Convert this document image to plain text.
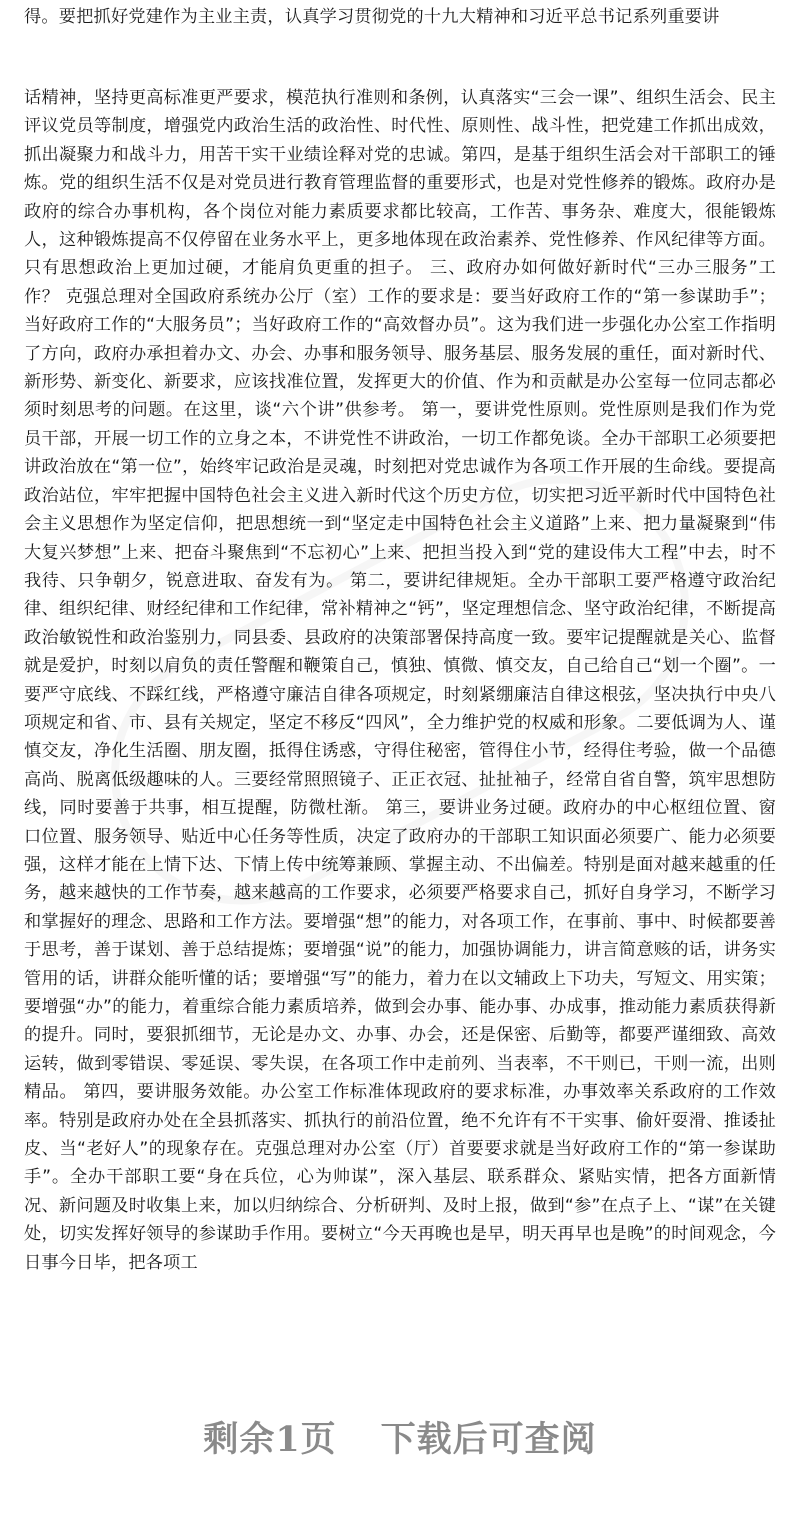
得。要把抓好党建作为主业主责，认真学习贯彻党的十九大精神和习近平总书记系列重要讲

话精神，坚持更高标准更严要求，模范执行准则和条例，认真落实“三会一课”、组织生活会、民主评议党员等制度，增强党内政治生活的政治性、时代性、原则性、战斗性，把党建工作抓出成效，抓出凝聚力和战斗力，用苦干实干业绩诠释对党的忠诚。第四，是基于组织生活会对干部职工的锤炼。党的组织生活不仅是对党员进行教育管理监督的重要形式，也是对党性修养的锻炼。政府办是政府的综合办事机构，各个岗位对能力素质要求都比较高，工作苦、事务杂、难度大，很能锻炼人，这种锻炼提高不仅停留在业务水平上，更多地体现在政治素养、党性修养、作风纪律等方面。只有思想政治上更加过硬，才能肩负更重的担子。 三、政府办如何做好新时代“三办三服务”工作？ 克强总理对全国政府系统办公厅（室）工作的要求是：要当好政府工作的“第一参谋助手”；当好政府工作的“大服务员”；当好政府工作的“高效督办员”。这为我们进一步强化办公室工作指明了方向，政府办承担着办文、办会、办事和服务领导、服务基层、服务发展的重任，面对新时代、新形势、新变化、新要求，应该找准位置，发挥更大的价值、作为和贡献是办公室每一位同志都必须时刻思考的问题。在这里，谈“六个讲”供参考。 第一，要讲党性原则。党性原则是我们作为党员干部，开展一切工作的立身之本，不讲党性不讲政治，一切工作都免谈。全办干部职工必须要把讲政治放在“第一位”，始终牢记政治是灵魂，时刻把对党忠诚作为各项工作开展的生命线。要提高政治站位，牢牢把握中国特色社会主义进入新时代这个历史方位，切实把习近平新时代中国特色社会主义思想作为坚定信仰，把思想统一到“坚定走中国特色社会主义道路”上来、把力量凝聚到“伟大复兴梦想”上来、把奋斗聚焦到“不忘初心”上来、把担当投入到“党的建设伟大工程”中去，时不我待、只争朝夕，锐意进取、奋发有为。 第二，要讲纪律规矩。全办干部职工要严格遵守政治纪律、组织纪律、财经纪律和工作纪律，常补精神之“钙”，坚定理想信念、坚守政治纪律，不断提高政治敏锐性和政治鉴别力，同县委、县政府的决策部署保持高度一致。要牢记提醒就是关心、监督就是爱护，时刻以肩负的责任警醒和鞭策自己，慎独、慎微、慎交友，自己给自己“划一个圈”。一要严守底线、不踩红线，严格遵守廉洁自律各项规定，时刻紧绷廉洁自律这根弦，坚决执行中央八项规定和省、市、县有关规定，坚定不移反“四风”，全力维护党的权威和形象。二要低调为人、谨慎交友，净化生活圈、朋友圈，抵得住诱惑，守得住秘密，管得住小节，经得住考验，做一个品德高尚、脱离低级趣味的人。三要经常照照镜子、正正衣冠、扯扯袖子，经常自省自警，筑牢思想防线，同时要善于共事，相互提醒，防微杜渐。 第三，要讲业务过硬。政府办的中心枢纽位置、窗口位置、服务领导、贴近中心任务等性质，决定了政府办的干部职工知识面必须要广、能力必须要强，这样才能在上情下达、下情上传中统筹兼顾、掌握主动、不出偏差。特别是面对越来越重的任务，越来越快的工作节奏，越来越高的工作要求，必须要严格要求自己，抓好自身学习，不断学习和掌握好的理念、思路和工作方法。要增强“想”的能力，对各项工作，在事前、事中、时候都要善于思考，善于谋划、善于总结提炼；要增强“说”的能力，加强协调能力，讲言简意赅的话，讲务实管用的话，讲群众能听懂的话；要增强“写”的能力，着力在以文辅政上下功夫，写短文、用实策；要增强“办”的能力，着重综合能力素质培养，做到会办事、能办事、办成事，推动能力素质获得新的提升。同时，要狠抓细节，无论是办文、办事、办会，还是保密、后勤等，都要严谨细致、高效运转，做到零错误、零延误、零失误，在各项工作中走前列、当表率，不干则已，干则一流，出则精品。 第四，要讲服务效能。办公室工作标准体现政府的要求标准，办事效率关系政府的工作效率。特别是政府办处在全县抓落实、抓执行的前沿位置，绝不允许有不干实事、偷奸耍滑、推诿扯皮、当“老好人”的现象存在。克强总理对办公室（厅）首要要求就是当好政府工作的“第一参谋助手”。全办干部职工要“身在兵位，心为帅谋”，深入基层、联系群众、紧贴实情，把各方面新情况、新问题及时收集上来，加以归纳综合、分析研判、及时上报，做到“参”在点子上、“谋”在关键处，切实发挥好领导的参谋助手作用。要树立“今天再晚也是早，明天再早也是晚”的时间观念，今日事今日毕，把各项工

剩余1页 下载后可查阅
